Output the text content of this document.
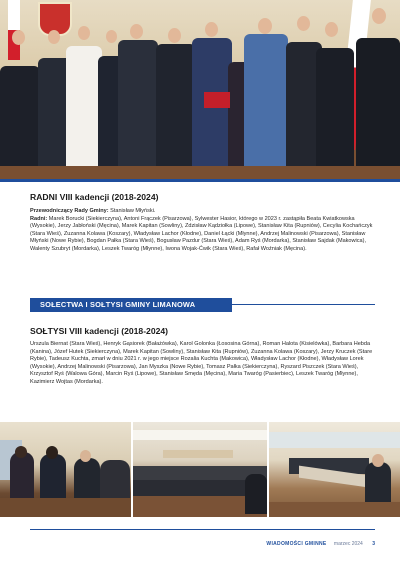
RADNI VIII kadencji (2018-2024)

Przewodniczący Rady Gminy: Stanisław Młyński.

Radni: Marek Borucki (Siekierczyna), Antoni Frączek (Pisarzowa), Sylwester Hasior, którego w 2023 r. zastąpiła Beata Kwiatkowska (Wysokie), Jerzy Jabłoński (Męcina), Marek Kapitan (Sowliny), Zdzisław Kądziołka (Lipowe), Stanisław Kita (Rupniów), Cecylia Kochańczyk (Stara Wieś), Zuzanna Kolawa (Koszary), Władysław Lachor (Kłodne), Daniel Łącki (Młynne), Andrzej Malinowski (Pisarzowa), Stanisław Młyński (Nowe Rybie), Bogdan Pałka (Stara Wieś), Bogusław Pazdur (Stara Wieś), Adam Ryś (Mordarka), Stanisław Sajdak (Makowica), Walenty Szubryt (Mordarka), Leszek Twaróg (Młynne), Iwona Wojak-Ćwik (Stara Wieś), Rafał Woźniak (Męcina).

SOŁECTWA I SOŁTYSI GMINY LIMANOWA
SOŁTYSI VIII kadencji (2018-2024)

Urszula Biernat (Stara Wieś), Henryk Gąsiorek (Bałażówka), Karol Golonka (Łososina Górna), Roman Halota (Kisielówka), Barbara Hebda (Kanina), Józef Hutek (Siekierczyna), Marek Kapitan (Sowliny), Stanisław Kita (Rupniów), Zuzanna Kolawa (Koszary), Jerzy Kruczek (Stare Rybie), Tadeusz Kuchta, zmarł w dniu 2021 r. w jego miejsce Rozalia Kuchta (Makowica), Władysław Lachor (Kłodne), Władysław Lorek (Wysokie), Andrzej Malinowski (Pisarzowa), Jan Myszka (Nowe Rybie), Tomasz Pałka (Siekierczyna), Ryszard Piszczek (Stara Wieś), Krzysztof Ryś (Walowa Góra), Marcin Ryś (Lipowe), Stanisław Smęda (Męcina), Maria Twaróg (Pasierbiec), Leszek Twaróg (Młynne), Kazimierz Wojtas (Mordarka).

WIADOMOŚCI GMINNE marzec 2024 3
